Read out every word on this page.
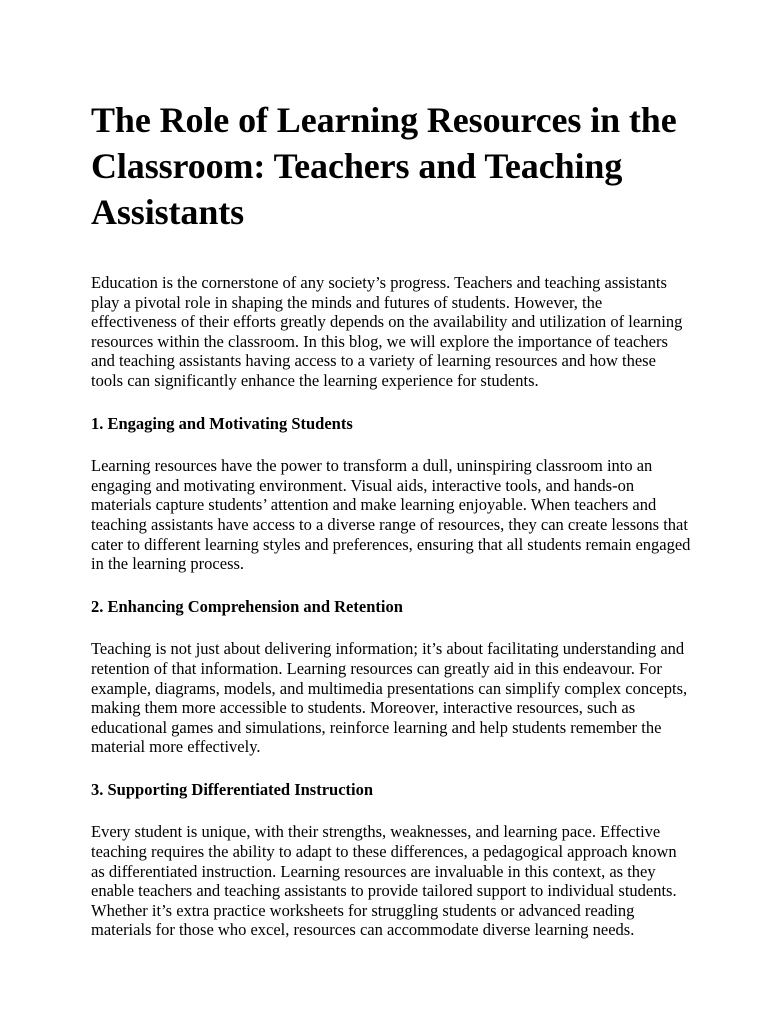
The Role of Learning Resources in the Classroom: Teachers and Teaching Assistants

Education is the cornerstone of any society’s progress. Teachers and teaching assistants play a pivotal role in shaping the minds and futures of students. However, the effectiveness of their efforts greatly depends on the availability and utilization of learning resources within the classroom. In this blog, we will explore the importance of teachers and teaching assistants having access to a variety of learning resources and how these tools can significantly enhance the learning experience for students.

1. Engaging and Motivating Students

Learning resources have the power to transform a dull, uninspiring classroom into an engaging and motivating environment. Visual aids, interactive tools, and hands-on materials capture students’ attention and make learning enjoyable. When teachers and teaching assistants have access to a diverse range of resources, they can create lessons that cater to different learning styles and preferences, ensuring that all students remain engaged in the learning process.

2. Enhancing Comprehension and Retention

Teaching is not just about delivering information; it’s about facilitating understanding and retention of that information. Learning resources can greatly aid in this endeavour. For example, diagrams, models, and multimedia presentations can simplify complex concepts, making them more accessible to students. Moreover, interactive resources, such as educational games and simulations, reinforce learning and help students remember the material more effectively.

3. Supporting Differentiated Instruction

Every student is unique, with their strengths, weaknesses, and learning pace. Effective teaching requires the ability to adapt to these differences, a pedagogical approach known as differentiated instruction. Learning resources are invaluable in this context, as they enable teachers and teaching assistants to provide tailored support to individual students. Whether it’s extra practice worksheets for struggling students or advanced reading materials for those who excel, resources can accommodate diverse learning needs.
